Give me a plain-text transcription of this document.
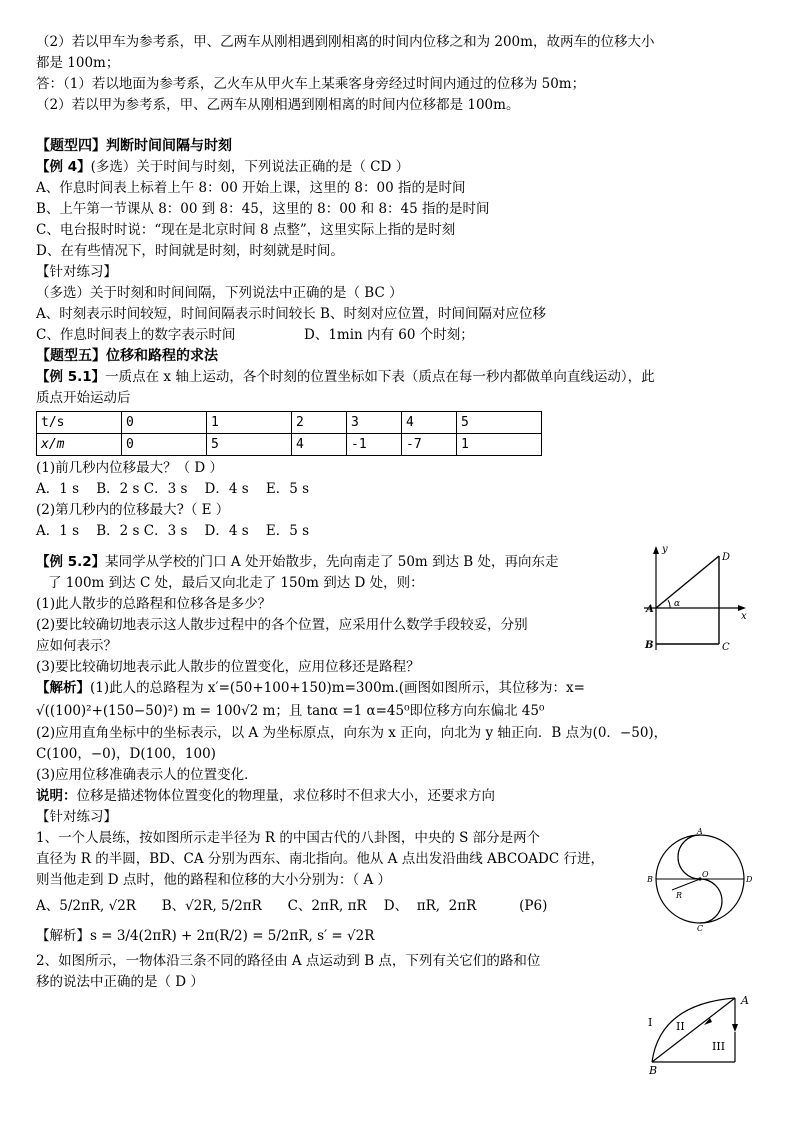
（2）若以甲车为参考系，甲、乙两车从刚相遇到刚相离的时间内位移之和为 200m，故两车的位移大小
都是 100m；
答：（1）若以地面为参考系，乙火车从甲火车上某乘客身旁经过时间内通过的位移为 50m；
（2）若以甲为参考系，甲、乙两车从刚相遇到刚相离的时间内位移都是 100m。
【题型四】判断时间间隔与时刻
【例 4】(多选）关于时间与时刻，下列说法正确的是（ CD ）
A、作息时间表上标着上午 8：00 开始上课，这里的 8：00 指的是时间
B、上午第一节课从 8：00 到 8：45，这里的 8：00 和 8：45 指的是时间
C、电台报时时说：“现在是北京时间 8 点整”，这里实际上指的是时刻
D、在有些情况下，时间就是时刻，时刻就是时间。
【针对练习】
（多选）关于时刻和时间间隔，下列说法中正确的是（ BC ）
A、时刻表示时间较短，时间间隔表示时间较长 B、时刻对应位置，时间间隔对应位移
C、作息时间表上的数字表示时间                D、1min 内有 60 个时刻；
【题型五】位移和路程的求法
【例 5.1】一质点在 x 轴上运动，各个时刻的位置坐标如下表（质点在每一秒内都做单向直线运动），此
质点开始运动后
t/s	0	1	2	3	4	5
x/m	0	5	4	-1	-7	1
(1)前几秒内位移最大？（ D ）
A．1 s    B．2 s C．3 s    D．4 s    E．5 s
(2)第几秒内的位移最大?（ E ）
A．1 s    B．2 s C．3 s    D．4 s    E．5 s
【例 5.2】某同学从学校的门口 A 处开始散步，先向南走了 50m 到达 B 处，再向东走
了 100m 到达 C 处，最后又向北走了 150m 到达 D 处，则：
(1)此人散步的总路程和位移各是多少？
(2)要比较确切地表示这人散步过程中的各个位置，应采用什么数学手段较妥，分别
应如何表示？
(3)要比较确切地表示此人散步的位置变化，应用位移还是路程？
【解析】(1)此人的总路程为 x′=(50+100+150)m=300m.(画图如图所示，其位移为：x=
√((100)²+(150−50)²) m = 100√2 m；且 tanα =1 α=45⁰即位移方向东偏北 45⁰
(2)应用直角坐标中的坐标表示，以 A 为坐标原点，向东为 x 正向，向北为 y 轴正向．B 点为(0．−50)，
C(100，−0)，D(100，100)
(3)应用位移准确表示人的位置变化．
说明：位移是描述物体位置变化的物理量，求位移时不但求大小，还要求方向
【针对练习】
1、一个人晨练，按如图所示走半径为 R 的中国古代的八卦图，中央的 S 部分是两个
直径为 R 的半圆，BD、CA 分别为西东、南北指向。他从 A 点出发沿曲线 ABCOADC 行进，
则当他走到 D 点时，他的路程和位移的大小分别为：（ A ）
A、5/2πR, √2R      B、√2R, 5/2πR      C、2πR, πR    D、  πR,  2πR          (P6)
【解析】s = 3/4(2πR) + 2π(R/2) = 5/2πR, s′ = √2R
2、如图所示，一物体沿三条不同的路径由 A 点运动到 B 点，下列有关它们的路和位
移的说法中正确的是（ D ）
y
x
D
A α
B	C
A
B
C
D
O
R
A
B
I II
III
